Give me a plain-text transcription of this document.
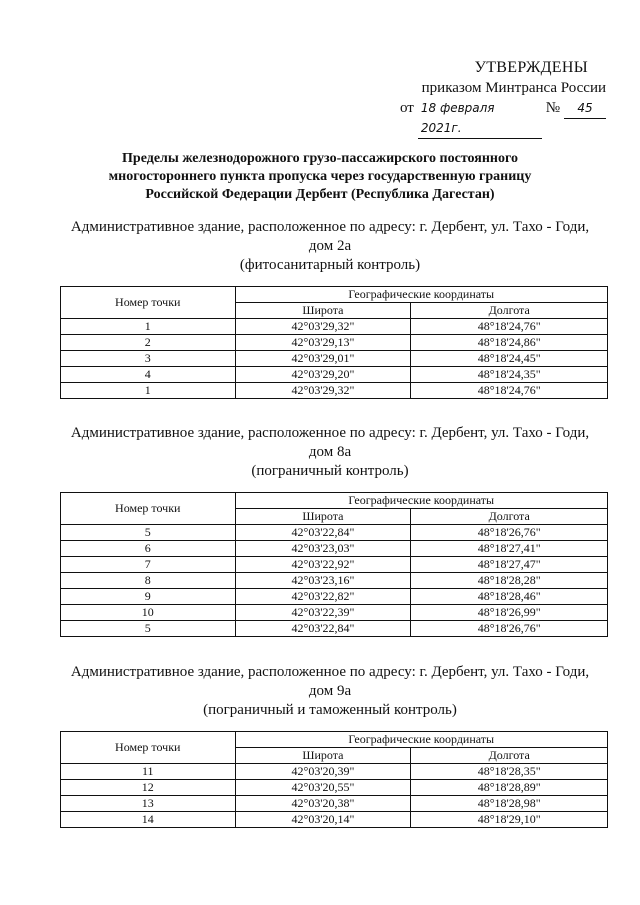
УТВЕРЖДЕНЫ
приказом Минтранса России
от 18 февраля 2021г.
№	45
Пределы железнодорожного грузо-пассажирского постоянного
многостороннего пункта пропуска через государственную границу
Российской Федерации Дербент (Республика Дагестан)
Административное здание, расположенное по адресу: г. Дербент, ул. Тахо - Годи,
дом 2а
(фитосанитарный контроль)
Номер точки	Географические координаты	
	Широта	Долгота
1	42°03'29,32"	48°18'24,76"
2	42°03'29,13"	48°18'24,86"
3	42°03'29,01"	48°18'24,45"
4	42°03'29,20"	48°18'24,35"
1	42°03'29,32"	48°18'24,76"
Административное здание, расположенное по адресу: г. Дербент, ул. Тахо - Годи,
дом 8а
(пограничный контроль)
Номер точки	Географические координаты	
	Широта	Долгота
5	42°03'22,84"	48°18'26,76"
6	42°03'23,03"	48°18'27,41"
7	42°03'22,92"	48°18'27,47"
8	42°03'23,16"	48°18'28,28"
9	42°03'22,82"	48°18'28,46"
10	42°03'22,39"	48°18'26,99"
5	42°03'22,84"	48°18'26,76"
Административное здание, расположенное по адресу: г. Дербент, ул. Тахо - Годи,
дом 9а
(пограничный и таможенный контроль)
Номер точки	Географические координаты	
	Широта	Долгота
11	42°03'20,39"	48°18'28,35"
12	42°03'20,55"	48°18'28,89"
13	42°03'20,38"	48°18'28,98"
14	42°03'20,14"	48°18'29,10"
